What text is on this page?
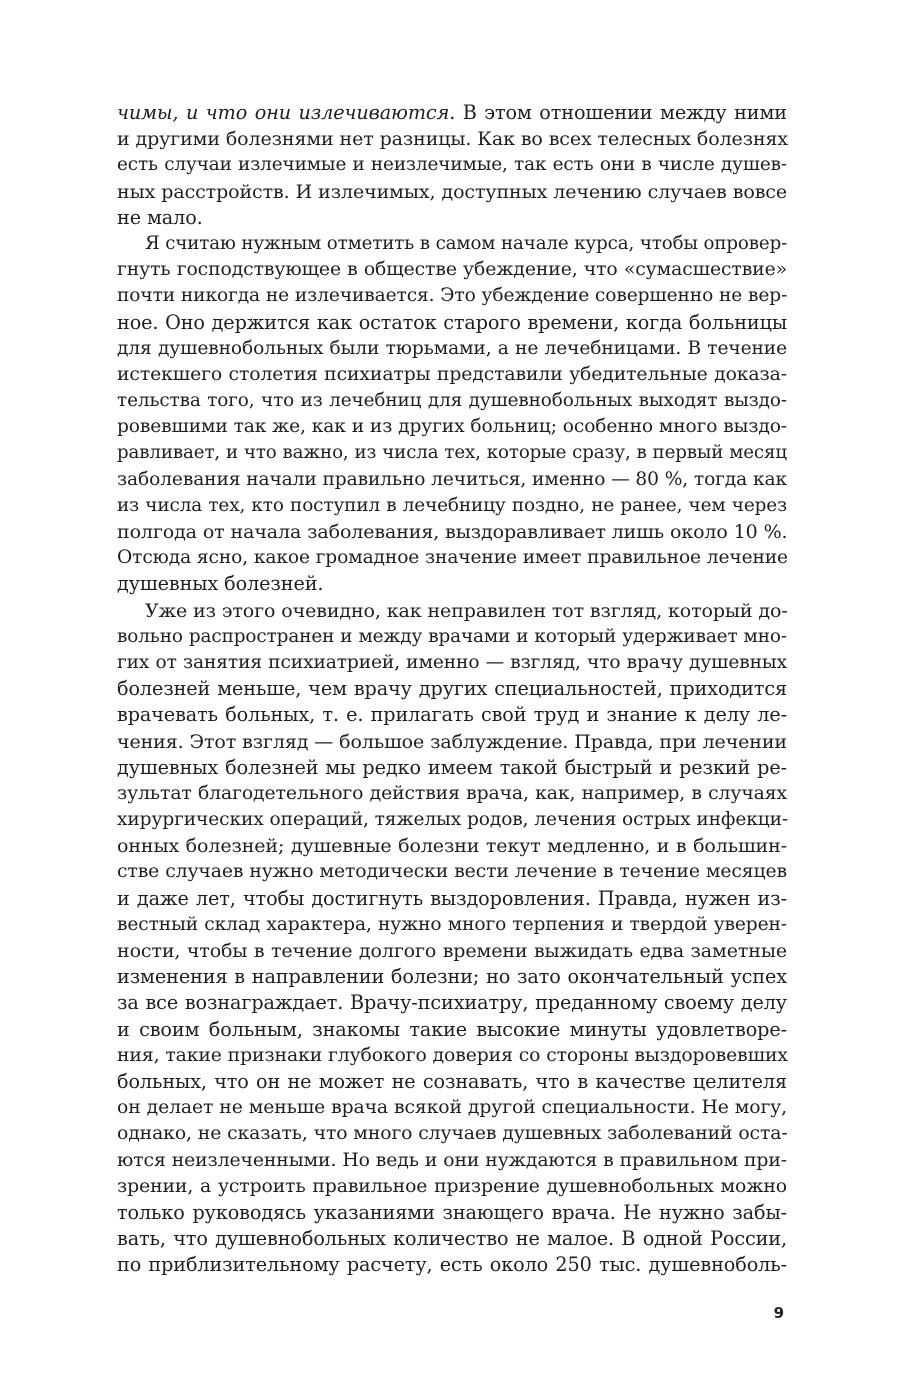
чимы, и что они излечиваются. В этом отношении между ними
и другими болезнями нет разницы. Как во всех телесных болезнях
есть случаи излечимые и неизлечимые, так есть они в числе душев-
ных расстройств. И излечимых, доступных лечению случаев вовсе
не мало.
Я считаю нужным отметить в самом начале курса, чтобы опровер-
гнуть господствующее в обществе убеждение, что «сумасшествие»
почти никогда не излечивается. Это убеждение совершенно не вер-
ное. Оно держится как остаток старого времени, когда больницы
для душевнобольных были тюрьмами, а не лечебницами. В течение
истекшего столетия психиатры представили убедительные доказа-
тельства того, что из лечебниц для душевнобольных выходят выздо-
ровевшими так же, как и из других больниц; особенно много выздо-
равливает, и что важно, из числа тех, которые сразу, в первый месяц
заболевания начали правильно лечиться, именно — 80 %, тогда как
из числа тех, кто поступил в лечебницу поздно, не ранее, чем через
полгода от начала заболевания, выздоравливает лишь около 10 %.
Отсюда ясно, какое громадное значение имеет правильное лечение
душевных болезней.
Уже из этого очевидно, как неправилен тот взгляд, который до-
вольно распространен и между врачами и который удерживает мно-
гих от занятия психиатрией, именно — взгляд, что врачу душевных
болезней меньше, чем врачу других специальностей, приходится
врачевать больных, т. е. прилагать свой труд и знание к делу ле-
чения. Этот взгляд — большое заблуждение. Правда, при лечении
душевных болезней мы редко имеем такой быстрый и резкий ре-
зультат благодетельного действия врача, как, например, в случаях
хирургических операций, тяжелых родов, лечения острых инфекци-
онных болезней; душевные болезни текут медленно, и в большин-
стве случаев нужно методически вести лечение в течение месяцев
и даже лет, чтобы достигнуть выздоровления. Правда, нужен из-
вестный склад характера, нужно много терпения и твердой уверен-
ности, чтобы в течение долгого времени выжидать едва заметные
изменения в направлении болезни; но зато окончательный успех
за все вознаграждает. Врачу-психиатру, преданному своему делу
и своим больным, знакомы такие высокие минуты удовлетворе-
ния, такие признаки глубокого доверия со стороны выздоровевших
больных, что он не может не сознавать, что в качестве целителя
он делает не меньше врача всякой другой специальности. Не могу,
однако, не сказать, что много случаев душевных заболеваний оста-
ются неизлеченными. Но ведь и они нуждаются в правильном при-
зрении, а устроить правильное призрение душевнобольных можно
только руководясь указаниями знающего врача. Не нужно забы-
вать, что душевнобольных количество не малое. В одной России,
по приблизительному расчету, есть около 250 тыс. душевноболь-
9
